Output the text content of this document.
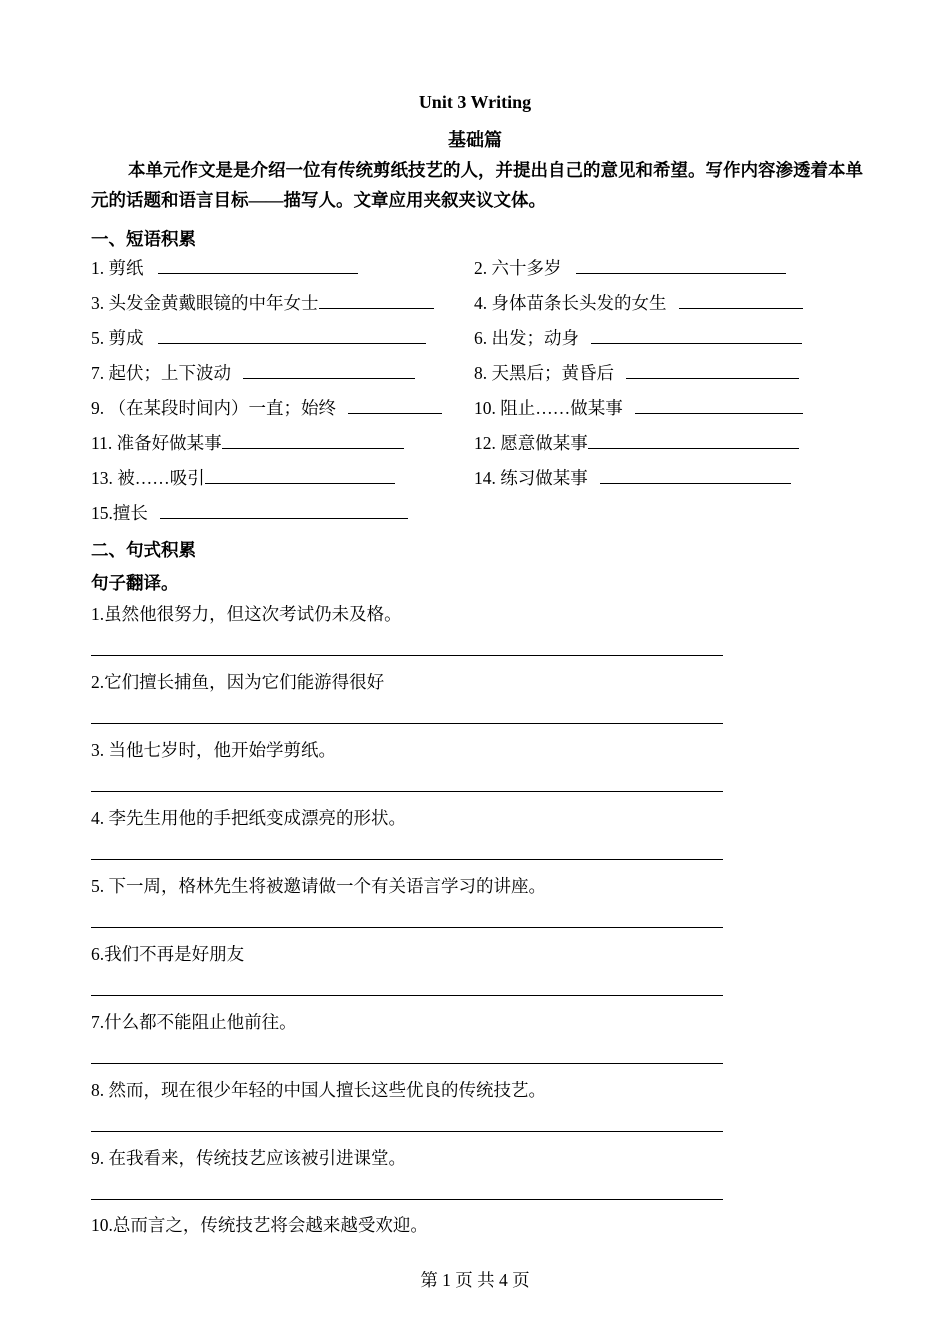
Unit 3 Writing
基础篇
本单元作文是是介绍一位有传统剪纸技艺的人，并提出自己的意见和希望。写作内容渗透着本单元的话题和语言目标——描写人。文章应用夹叙夹议文体。
一、短语积累
1. 剪纸	2. 六十多岁
3. 头发金黄戴眼镜的中年女士	4. 身体苗条长头发的女生
5. 剪成	6. 出发；动身
7. 起伏；上下波动	8. 天黑后；黄昏后
9. （在某段时间内）一直；始终	10. 阻止……做某事
11. 准备好做某事	12. 愿意做某事
13. 被……吸引	14. 练习做某事
15.擅长
二、句式积累
句子翻译。
1.虽然他很努力，但这次考试仍未及格。
2.它们擅长捕鱼，因为它们能游得很好
3. 当他七岁时，他开始学剪纸。
4. 李先生用他的手把纸变成漂亮的形状。
5. 下一周，格林先生将被邀请做一个有关语言学习的讲座。
6.我们不再是好朋友
7.什么都不能阻止他前往。
8. 然而，现在很少年轻的中国人擅长这些优良的传统技艺。
9. 在我看来，传统技艺应该被引进课堂。
10.总而言之，传统技艺将会越来越受欢迎。
第 1 页 共 4 页
